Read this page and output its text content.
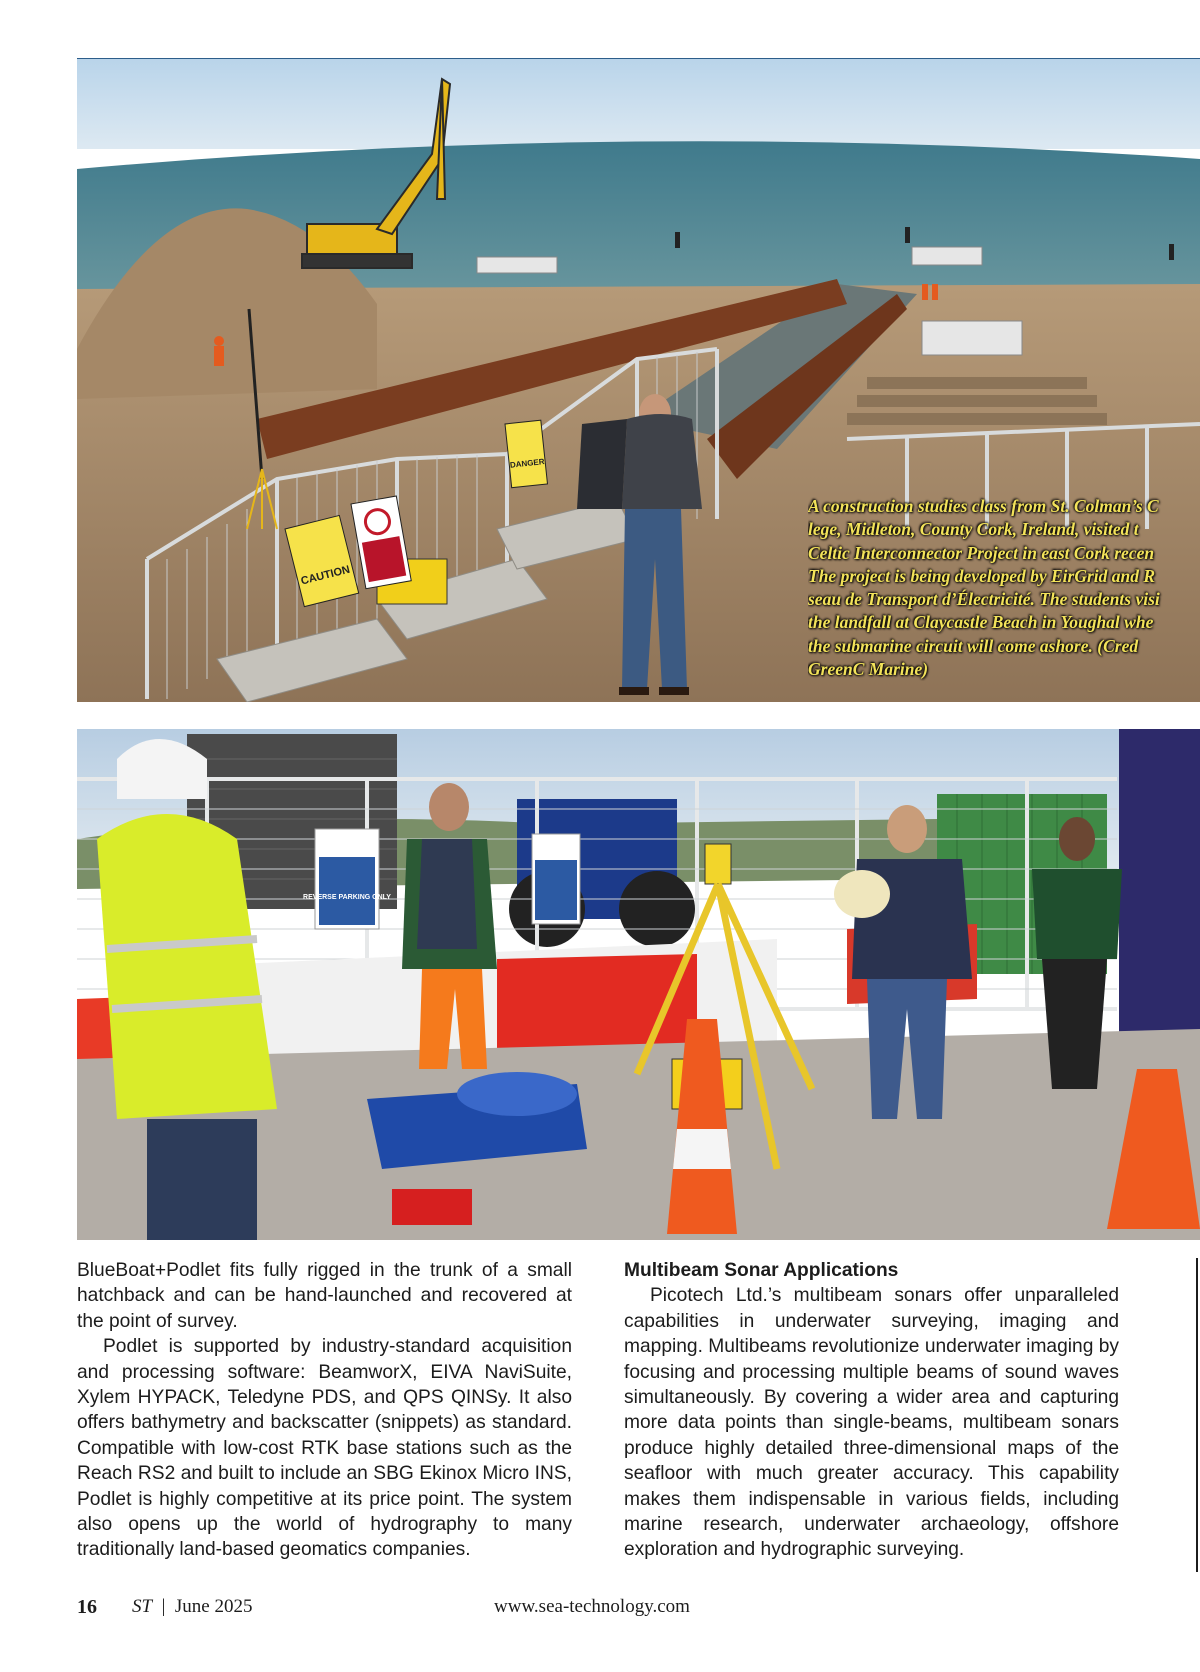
CAUTION
DANGER
A construction studies class from St. Colman’s C
lege, Midleton, County Cork, Ireland, visited t
Celtic Interconnector Project in east Cork recen
The project is being developed by EirGrid and R
seau de Transport d’Électricité. The students visi
the landfall at Claycastle Beach in Youghal whe
the submarine circuit will come ashore. (Cred
GreenC Marine)
REVERSE PARKING ONLY

BlueBoat+Podlet fits fully rigged in the trunk of a small hatchback and can be hand-launched and recovered at the point of survey.

Podlet is supported by industry-standard acquisition and processing software: BeamworX, EIVA NaviSuite, Xylem HYPACK, Teledyne PDS, and QPS QINSy. It also offers bathymetry and backscatter (snippets) as standard. Compatible with low-cost RTK base stations such as the Reach RS2 and built to include an SBG Ekinox Micro INS, Podlet is highly competitive at its price point. The system also opens up the world of hydrography to many traditionally land-based geomatics companies.

Multibeam Sonar Applications

Picotech Ltd.’s multibeam sonars offer unparalleled capabilities in underwater surveying, imaging and mapping. Multibeams revolutionize underwater imaging by focusing and processing multiple beams of sound waves simultaneously. By covering a wider area and capturing more data points than single-beams, multibeam sonars produce highly detailed three-dimensional maps of the seafloor with much greater accuracy. This capability makes them indispensable in various fields, including marine research, underwater archaeology, offshore exploration and hydrographic surveying.

16 ST | June 2025	www.sea-technology.com
